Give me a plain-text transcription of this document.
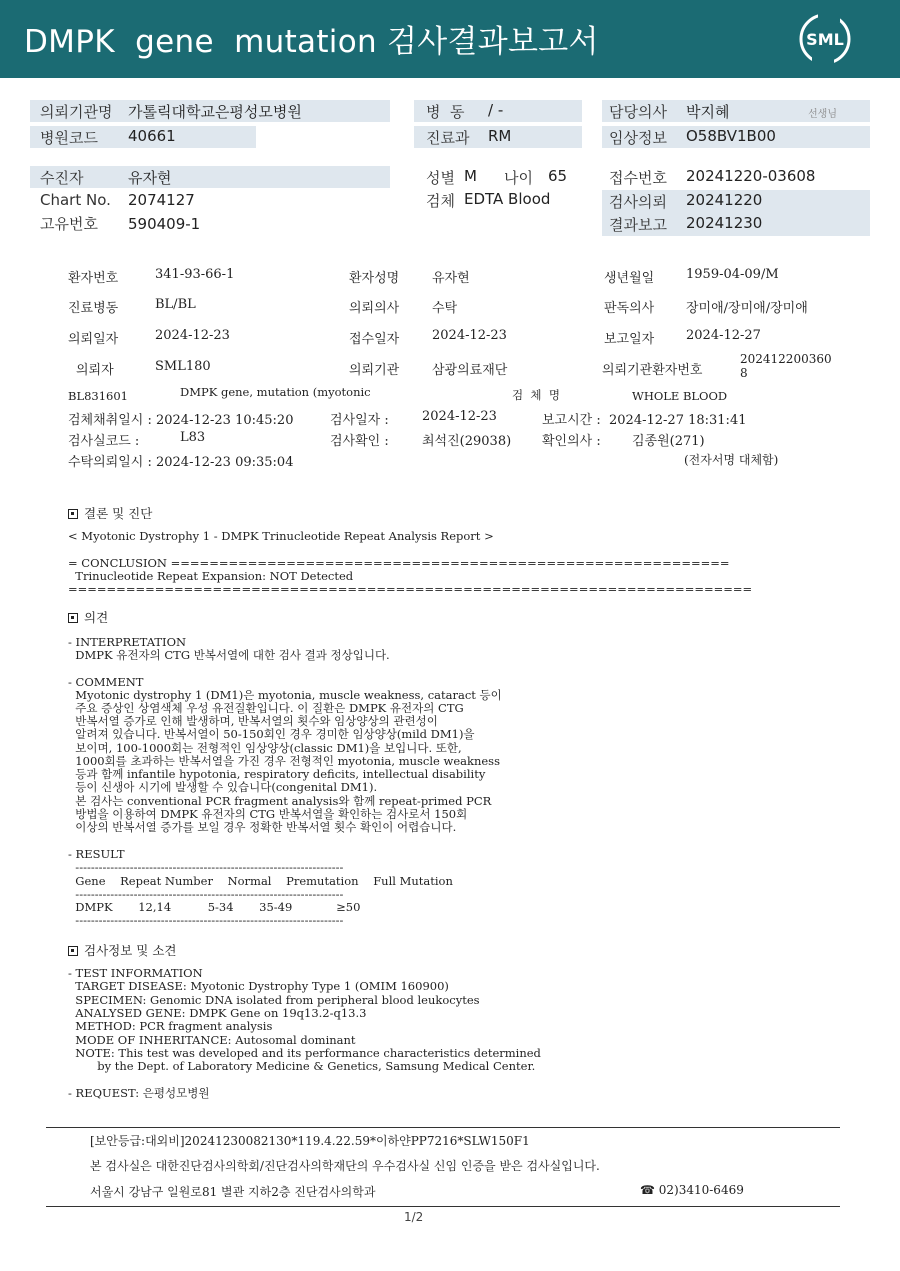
DMPK  gene  mutation 검사결과보고서	SML
의뢰기관명 가톨릭대학교은평성모병원
병원코드 40661
병  동 / -
진료과 RM
담당의사 박지혜	선생님
임상정보 O58BV1B00
수진자	유자현
Chart No. 2074127
고유번호 590409-1
성별 M 나이 65
검체 EDTA Blood
접수번호 20241220-03608
검사의뢰 20241220
결과보고 20241230
환자번호	341-93-66-1	환자성명	유자현	생년월일 1959-04-09/M
진료병동	BL/BL	의뢰의사	수탁	판독의사 장미애/장미애/장미애
의뢰일자	2024-12-23	접수일자	2024-12-23	보고일자 2024-12-27
의뢰자	SML180	의뢰기관	삼광의료재단	의뢰기관환자번호
202412200360
8
BL831601	DMPK gene, mutation (myotonic	검  체  명	WHOLE BLOOD
검체채취일시 : 2024-12-23 10:45:20	검사일자 :	2024-12-23	보고시간 :  2024-12-27 18:31:41
검사실코드 :	L83	검사확인 :	최석진(29038) 확인의사 : 김종원(271)
수탁의뢰일시 : 2024-12-23 09:35:04	(전자서명 대체함)
결론 및 진단
< Myotonic Dystrophy 1 - DMPK Trinucleotide Repeat Analysis Report >
= CONCLUSION ==========================================================
Trinucleotide Repeat Expansion: NOT Detected
=======================================================================
의견
- INTERPRETATION
DMPK 유전자의 CTG 반복서열에 대한 검사 결과 정상입니다.
- COMMENT
Myotonic dystrophy 1 (DM1)은 myotonia, muscle weakness, cataract 등이
주요 증상인 상염색체 우성 유전질환입니다. 이 질환은 DMPK 유전자의 CTG
반복서열 증가로 인해 발생하며, 반복서열의 횟수와 임상양상의 관련성이
알려져 있습니다. 반복서열이 50-150회인 경우 경미한 임상양상(mild DM1)을
보이며, 100-1000회는 전형적인 임상양상(classic DM1)을 보입니다. 또한,
1000회를 초과하는 반복서열을 가진 경우 전형적인 myotonia, muscle weakness
등과 함께 infantile hypotonia, respiratory deficits, intellectual disability
등이 신생아 시기에 발생할 수 있습니다(congenital DM1).
본 검사는 conventional PCR fragment analysis와 함께 repeat-primed PCR
방법을 이용하여 DMPK 유전자의 CTG 반복서열을 확인하는 검사로서 150회
이상의 반복서열 증가를 보일 경우 정확한 반복서열 횟수 확인이 어렵습니다.
- RESULT
---------------------------------------------------------------------
Gene    Repeat Number    Normal    Premutation    Full Mutation
---------------------------------------------------------------------
DMPK       12,14          5-34       35-49            ≥50
---------------------------------------------------------------------
검사정보 및 소견
- TEST INFORMATION
TARGET DISEASE: Myotonic Dystrophy Type 1 (OMIM 160900)
SPECIMEN: Genomic DNA isolated from peripheral blood leukocytes
ANALYSED GENE: DMPK Gene on 19q13.2-q13.3
METHOD: PCR fragment analysis
MODE OF INHERITANCE: Autosomal dominant
NOTE: This test was developed and its performance characteristics determined
by the Dept. of Laboratory Medicine & Genetics, Samsung Medical Center.
- REQUEST: 은평성모병원
[보안등급:대외비]20241230082130*119.4.22.59*이하얀PP7216*SLW150F1
본 검사실은 대한진단검사의학회/진단검사의학재단의 우수검사실 신임 인증을 받은 검사실입니다.
서울시 강남구 일원로81 별관 지하2층 진단검사의학과	☎ 02)3410-6469
1/2
